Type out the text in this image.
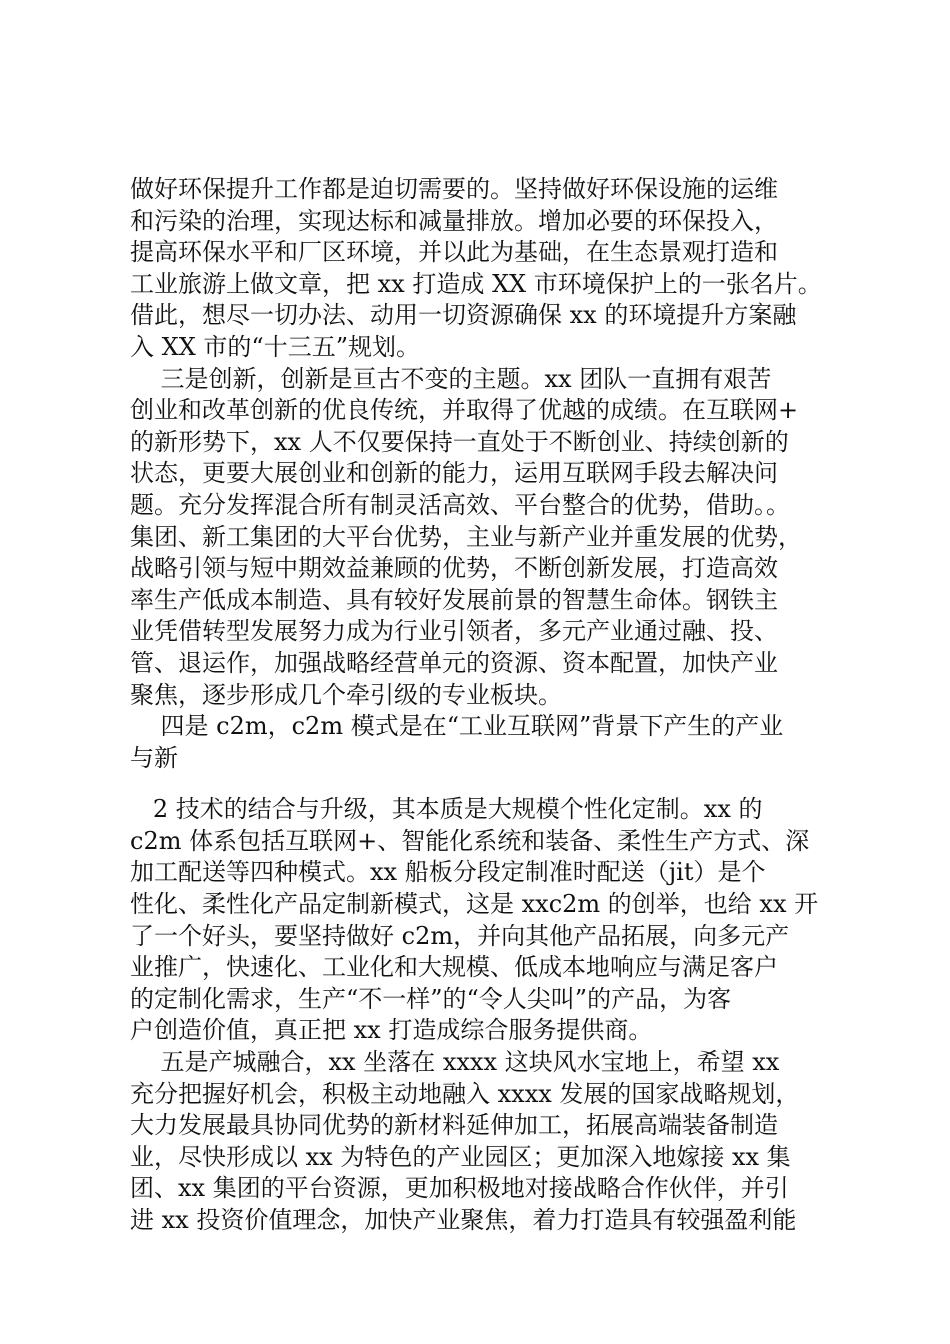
做好环保提升工作都是迫切需要的。坚持做好环保设施的运维
和污染的治理，实现达标和减量排放。增加必要的环保投入，
提高环保水平和厂区环境，并以此为基础，在生态景观打造和
工业旅游上做文章，把 xx 打造成 XX 市环境保护上的一张名片。
借此，想尽一切办法、动用一切资源确保 xx 的环境提升方案融
入 XX 市的“十三五”规划。
三是创新，创新是亘古不变的主题。xx 团队一直拥有艰苦
创业和改革创新的优良传统，并取得了优越的成绩。在互联网+
的新形势下，xx 人不仅要保持一直处于不断创业、持续创新的
状态，更要大展创业和创新的能力，运用互联网手段去解决问
题。充分发挥混合所有制灵活高效、平台整合的优势，借助。。
集团、新工集团的大平台优势，主业与新产业并重发展的优势，
战略引领与短中期效益兼顾的优势，不断创新发展，打造高效
率生产低成本制造、具有较好发展前景的智慧生命体。钢铁主
业凭借转型发展努力成为行业引领者，多元产业通过融、投、
管、退运作，加强战略经营单元的资源、资本配置，加快产业
聚焦，逐步形成几个牵引级的专业板块。
四是 c2m，c2m 模式是在“工业互联网”背景下产生的产业
与新
2 技术的结合与升级，其本质是大规模个性化定制。xx 的
c2m 体系包括互联网+、智能化系统和装备、柔性生产方式、深
加工配送等四种模式。xx 船板分段定制准时配送（jit）是个
性化、柔性化产品定制新模式，这是 xxc2m 的创举，也给 xx 开
了一个好头，要坚持做好 c2m，并向其他产品拓展，向多元产
业推广，快速化、工业化和大规模、低成本地响应与满足客户
的定制化需求，生产“不一样”的“令人尖叫”的产品，为客
户创造价值，真正把 xx 打造成综合服务提供商。
五是产城融合，xx 坐落在 xxxx 这块风水宝地上，希望 xx
充分把握好机会，积极主动地融入 xxxx 发展的国家战略规划，
大力发展最具协同优势的新材料延伸加工，拓展高端装备制造
业，尽快形成以 xx 为特色的产业园区；更加深入地嫁接 xx 集
团、xx 集团的平台资源，更加积极地对接战略合作伙伴，并引
进 xx 投资价值理念，加快产业聚焦，着力打造具有较强盈利能
